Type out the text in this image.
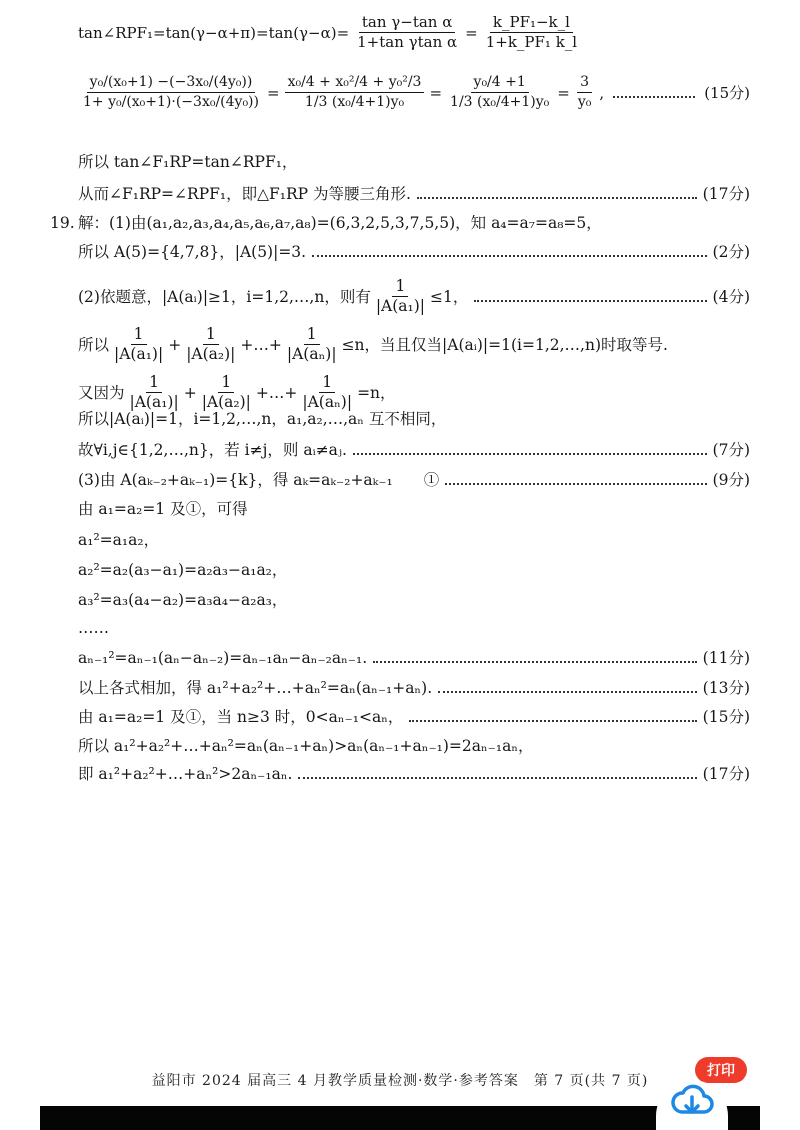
tan∠RPF₁=tan(γ−α+π)=tan(γ−α)= $\frac{\text{tan γ−tan α}}{\text{1+tan γtan α}} = \frac{\text{k\_PF₁−k\_l}}{\text{1+k\_PF₁ k\_l}}$
$\frac{\text{y₀/(x₀+1) −(−3x₀/(4y₀))}}{\text{1+ y₀/(x₀+1)·(−3x₀/(4y₀))}} = \frac{\text{x₀/4 + x₀²/4 + y₀²/3}}{\text{1/3 (x₀/4+1)y₀}} = \frac{\text{y₀/4 +1}}{\text{1/3 (x₀/4+1)y₀}} = \frac{3}{\text{y₀}}$ ,	(15分)
所以 tan∠F₁RP=tan∠RPF₁，
从而∠F₁RP=∠RPF₁，即△F₁RP 为等腰三角形.	(17分)
19. 解：(1)由(a₁,a₂,a₃,a₄,a₅,a₆,a₇,a₈)=(6,3,2,5,3,7,5,5)，知 a₄=a₇=a₈=5，
所以 A(5)={4,7,8}，|A(5)|=3.	(2分)
(2)依题意，|A(aᵢ)|≥1，i=1,2,…,n，则有 $\frac{1}{\text{|A(a₁)|}} \le 1$，	(4分)
所以 $\frac{1}{\text{|A(a₁)|}} + \frac{1}{\text{|A(a₂)|}}$ +…+ $\frac{1}{\text{|A(aₙ)|}} \le n$，当且仅当|A(aᵢ)|=1(i=1,2,…,n)时取等号.
又因为 $\frac{1}{\text{|A(a₁)|}} + \frac{1}{\text{|A(a₂)|}}$ +…+ $\frac{1}{\text{|A(aₙ)|}} =n$，
所以|A(aᵢ)|=1，i=1,2,…,n，a₁,a₂,…,aₙ 互不相同，
故∀i,j∈{1,2,…,n}，若 i≠j，则 aᵢ≠aⱼ.	(7分)
(3)由 A(aₖ₋₂+aₖ₋₁)={k}，得 aₖ=aₖ₋₂+aₖ₋₁　　①	(9分)
由 a₁=a₂=1 及①，可得
a₁²=a₁a₂，
a₂²=a₂(a₃−a₁)=a₂a₃−a₁a₂，
a₃²=a₃(a₄−a₂)=a₃a₄−a₂a₃，
……
aₙ₋₁²=aₙ₋₁(aₙ−aₙ₋₂)=aₙ₋₁aₙ−aₙ₋₂aₙ₋₁.	(11分)
以上各式相加，得 a₁²+a₂²+…+aₙ²=aₙ(aₙ₋₁+aₙ).	(13分)
由 a₁=a₂=1 及①，当 n≥3 时，0<aₙ₋₁<aₙ，	(15分)
所以 a₁²+a₂²+…+aₙ²=aₙ(aₙ₋₁+aₙ)>aₙ(aₙ₋₁+aₙ₋₁)=2aₙ₋₁aₙ，
即 a₁²+a₂²+…+aₙ²>2aₙ₋₁aₙ.	(17分)
益阳市 2024 届高三 4 月教学质量检测·数学·参考答案　第 7 页(共 7 页)
打印
